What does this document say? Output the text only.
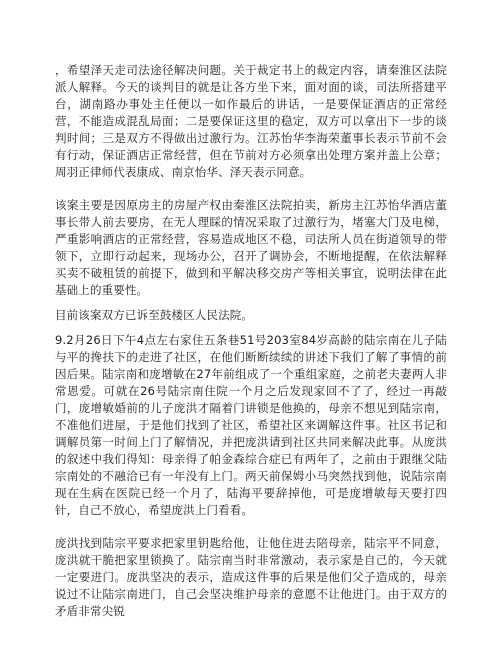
，希望泽天走司法途径解决问题。关于裁定书上的裁定内容，请秦淮区法院派人解释。今天的谈判目的就是让各方坐下来，面对面的谈，司法所搭建平台，湖南路办事处主任便以一如作最后的讲话，一是要保证酒店的正常经营，不能造成混乱局面；二是要保证这里的稳定，双方可以拿出下一步的谈判时间；三是双方不得做出过激行为。江苏怡华李海荣董事长表示节前不会有行动，保证酒店正常经营，但在节前对方必须拿出处理方案并盖上公章；周羽正律师代表康成、南京怡华、泽天表示同意。

该案主要是因原房主的房屋产权由秦淮区法院拍卖，新房主江苏怡华酒店董事长带人前去要房，在无人理睬的情况采取了过激行为，堵塞大门及电梯，严重影响酒店的正常经营，容易造成地区不稳，司法所人员在街道领导的带领下，立即行动起来，现场办公，召开了调协会，不断地提醒，在依法解释买卖不破租赁的前提下，做到和平解决移交房产等相关事宜，说明法律在此基础上的重要性。

目前该案双方已诉至鼓楼区人民法院。

9.2月26日下午4点左右家住五条巷51号203室84岁高龄的陆宗南在儿子陆与平的搀扶下的走进了社区，在他们断断续续的讲述下我们了解了事情的前因后果。陆宗南和庞增敏在27年前组成了一个重组家庭，之前老夫妻两人非常恩爱。可就在26号陆宗南住院一个月之后发现家回不了了，经过一再敲门，庞增敏婚前的儿子庞洪才隔着门讲锁是他换的，母亲不想见到陆宗南，不准他们进屋，于是他们找到了社区，希望社区来调解这件事。社区书记和调解员第一时间上门了解情况，并把庞洪请到社区共同来解决此事。从庞洪的叙述中我们得知：母亲得了帕金森综合症已有两年了，之前由于跟继父陆宗南处的不融洽已有一年没有上门。两天前保姆小马突然找到他，说陆宗南现在生病在医院已经一个月了，陆海平要辞掉他，可是庞增敏每天要打四针，自己不放心，希望庞洪上门看看。

庞洪找到陆宗平要求把家里钥匙给他，让他住进去陪母亲，陆宗平不同意，庞洪就干脆把家里锁换了。陆宗南当时非常激动，表示家是自己的，今天就一定要进门。庞洪坚决的表示，造成这件事的后果是他们父子造成的，母亲说过不让陆宗南进门，自己会坚决维护母亲的意愿不让他进门。由于双方的矛盾非常尖锐
